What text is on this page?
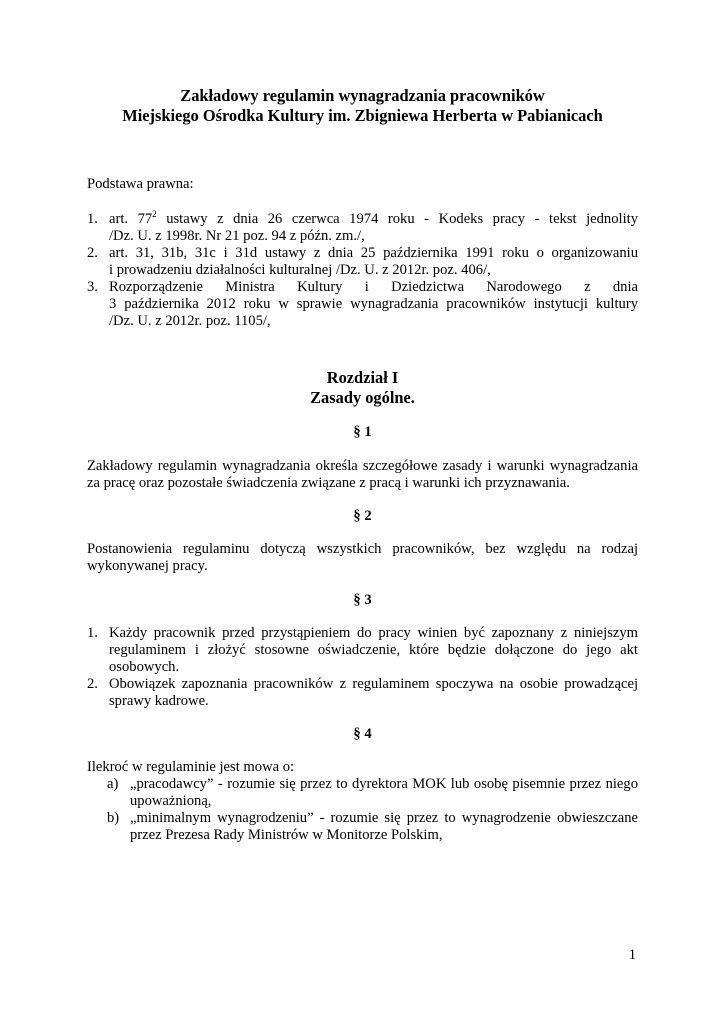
Zakładowy regulamin wynagradzania pracowników
Miejskiego Ośrodka Kultury im. Zbigniewa Herberta w Pabianicach
Podstawa prawna:
1. art. $77^2$ ustawy z dnia 26 czerwca 1974 roku - Kodeks pracy - tekst jednolity
/Dz. U. z 1998r. Nr 21 poz. 94 z późn. zm./,
2. art. 31, 31b, 31c i 31d ustawy z dnia 25 października 1991 roku o organizowaniu
i prowadzeniu działalności kulturalnej /Dz. U. z 2012r. poz. 406/,
3. Rozporządzenie Ministra Kultury i Dziedzictwa Narodowego z dnia
3 października 2012 roku w sprawie wynagradzania pracowników instytucji kultury
/Dz. U. z 2012r. poz. 1105/,
Rozdział I
Zasady ogólne.
§ 1
Zakładowy regulamin wynagradzania określa szczegółowe zasady i warunki wynagradzania
za pracę oraz pozostałe świadczenia związane z pracą i warunki ich przyznawania.
§ 2
Postanowienia regulaminu dotyczą wszystkich pracowników, bez względu na rodzaj
wykonywanej pracy.
§ 3
1. Każdy pracownik przed przystąpieniem do pracy winien być zapoznany z niniejszym
regulaminem i złożyć stosowne oświadczenie, które będzie dołączone do jego akt
osobowych.
2. Obowiązek zapoznania pracowników z regulaminem spoczywa na osobie prowadzącej
sprawy kadrowe.
§ 4
Ilekroć w regulaminie jest mowa o:
a) „pracodawcy” - rozumie się przez to dyrektora MOK lub osobę pisemnie przez niego
upoważnioną,
b) „minimalnym wynagrodzeniu” - rozumie się przez to wynagrodzenie obwieszczane
przez Prezesa Rady Ministrów w Monitorze Polskim,
1
